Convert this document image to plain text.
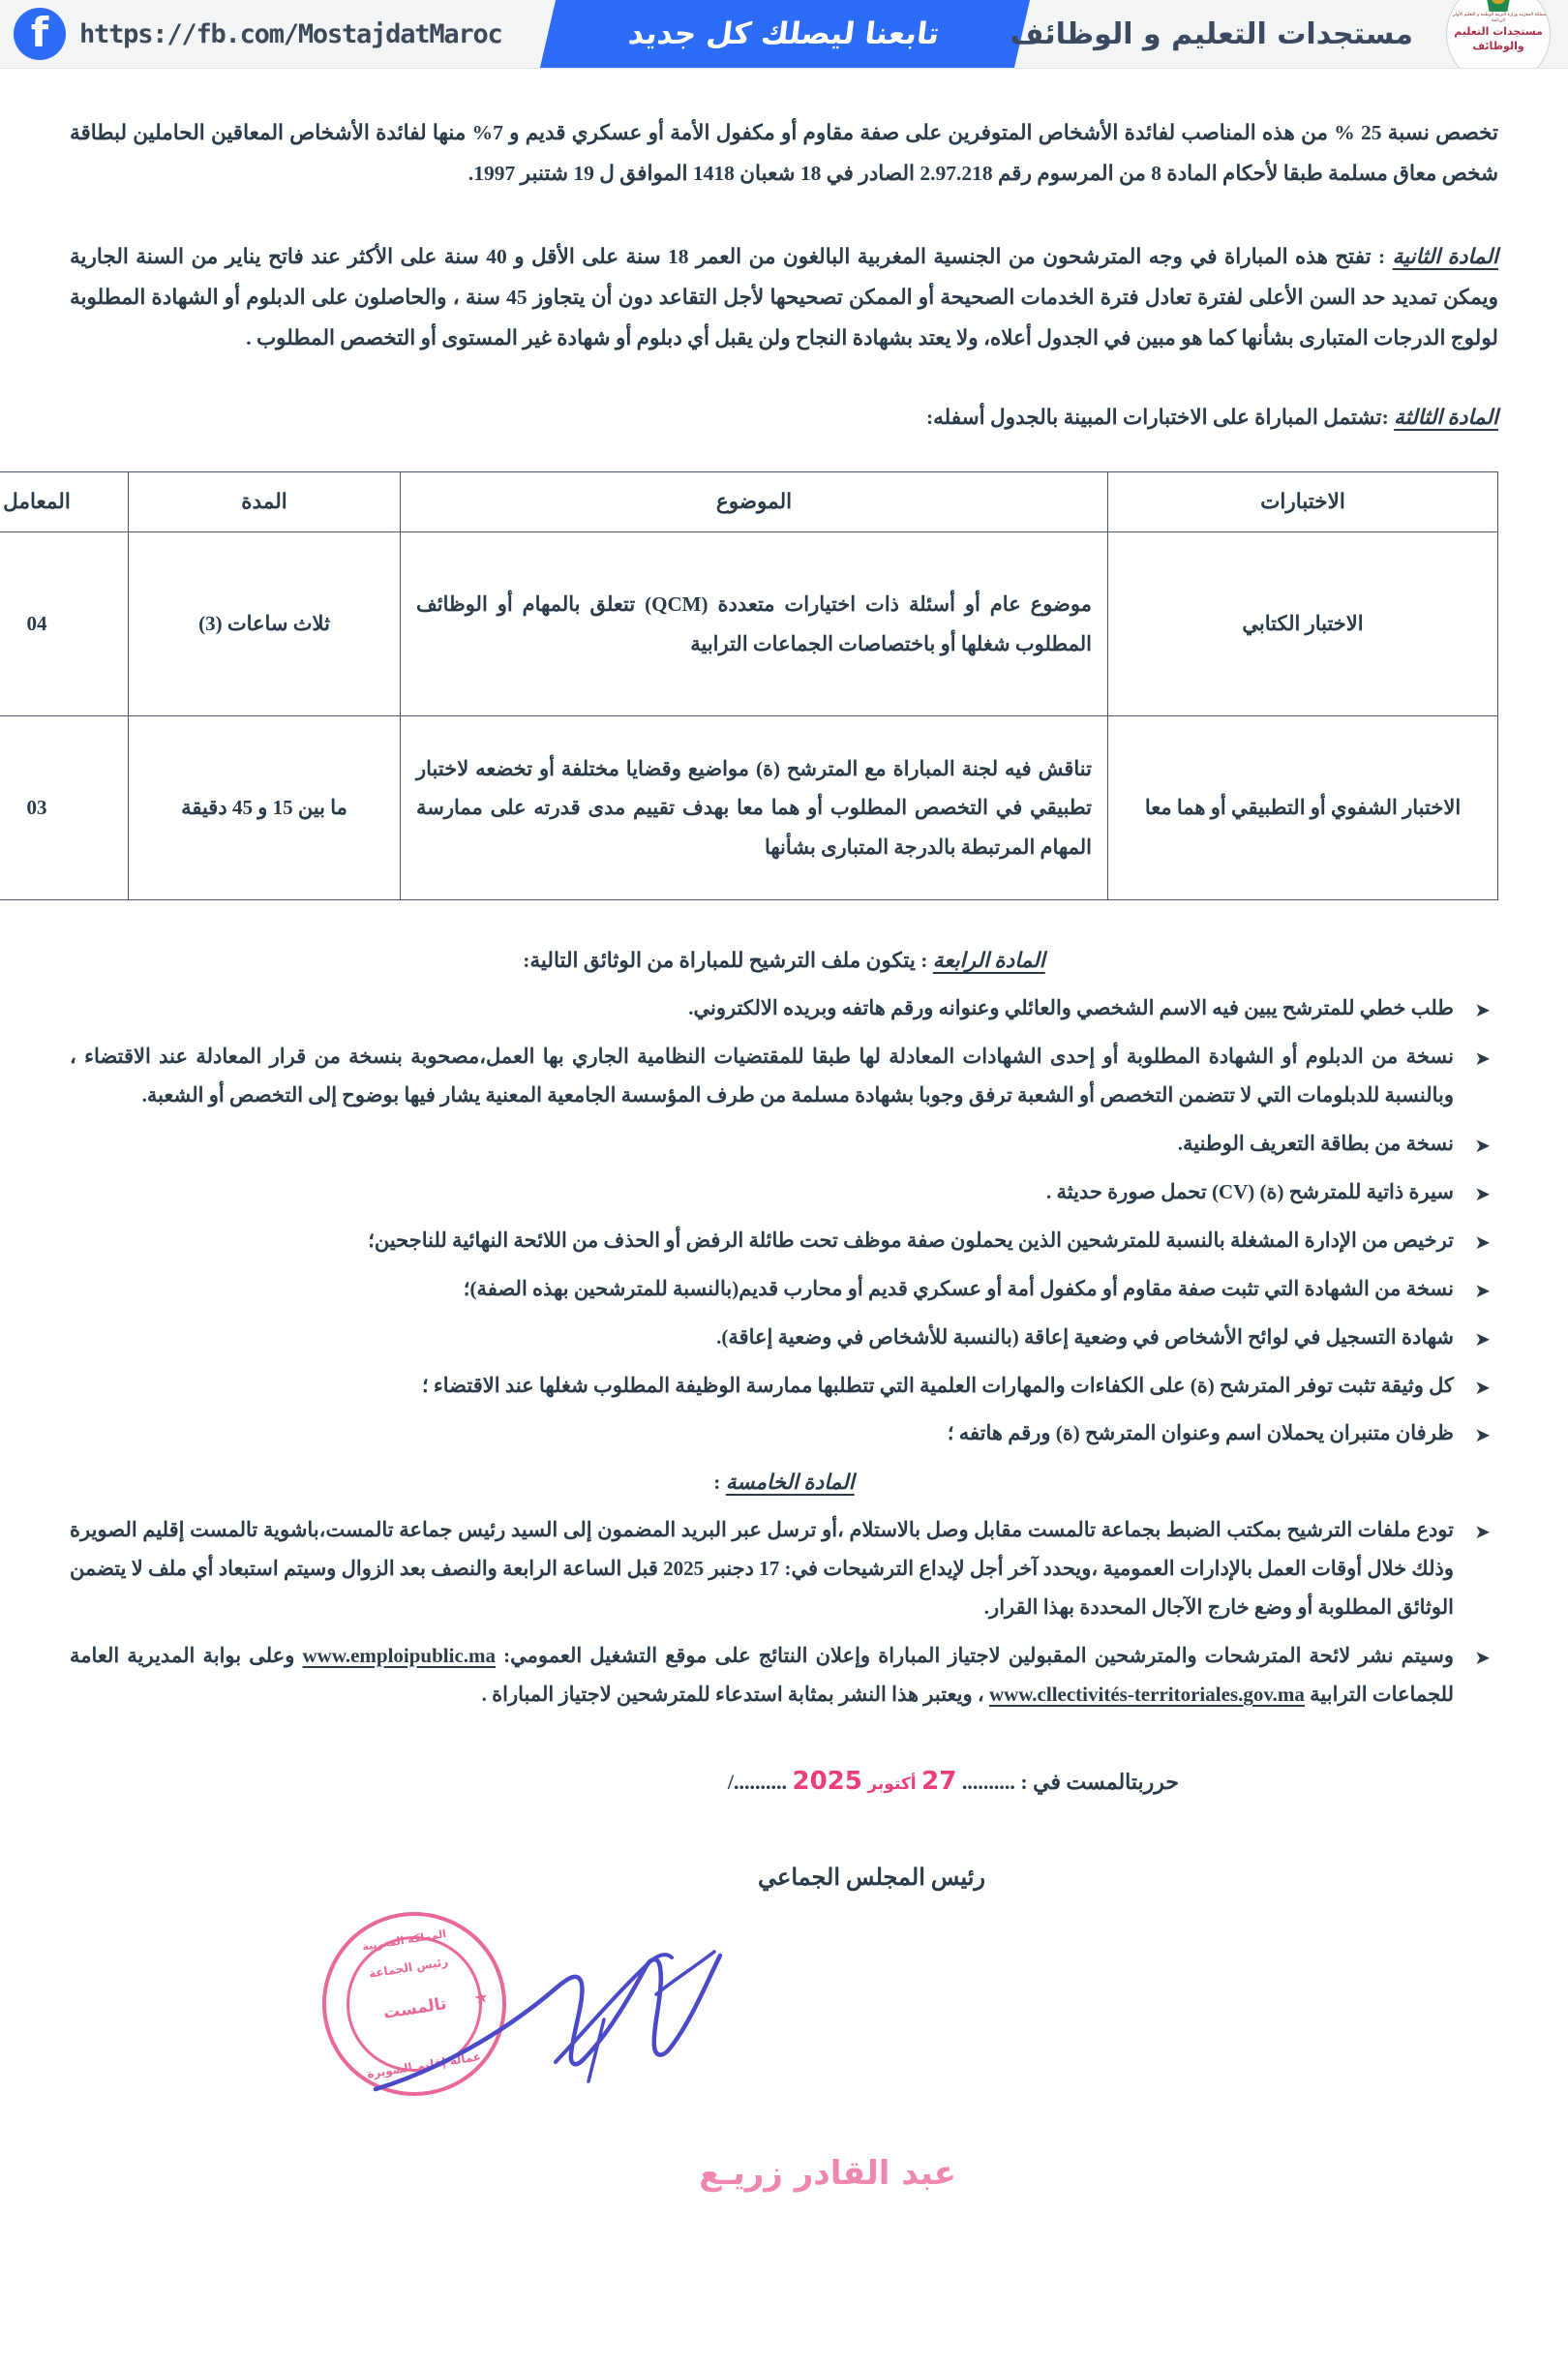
f
https://fb.com/MostajdatMaroc	تابعنا ليصلك كل جديد	مستجدات التعليم و الوظائف
المملكة المغربية وزارة التربية الوطنية و التعليم الأولي و الرياضة
مستجدات التعليم
والوظائف

تخصص نسبة 25 % من هذه المناصب لفائدة الأشخاص المتوفرين على صفة مقاوم أو مكفول الأمة أو عسكري قديم و 7% منها لفائدة الأشخاص المعاقين الحاملين لبطاقة شخص معاق مسلمة طبقا لأحكام المادة 8 من المرسوم رقم 2.97.218 الصادر في 18 شعبان 1418 الموافق ل 19 شتنبر 1997.

المادة الثانية : تفتح هذه المباراة في وجه المترشحون من الجنسية المغربية البالغون من العمر 18 سنة على الأقل و 40 سنة على الأكثر عند فاتح يناير من السنة الجارية ويمكن تمديد حد السن الأعلى لفترة تعادل فترة الخدمات الصحيحة أو الممكن تصحيحها لأجل التقاعد دون أن يتجاوز 45 سنة ، والحاصلون على الدبلوم أو الشهادة المطلوبة لولوج الدرجات المتبارى بشأنها كما هو مبين في الجدول أعلاه، ولا يعتد بشهادة النجاح ولن يقبل أي دبلوم أو شهادة غير المستوى أو التخصص المطلوب .

المادة الثالثة :تشتمل المباراة على الاختبارات المبينة بالجدول أسفله:

الاختبارات	الموضوع	المدة	المعامل
الاختبار الكتابي	موضوع عام أو أسئلة ذات اختيارات متعددة (QCM) تتعلق بالمهام أو الوظائف المطلوب شغلها أو باختصاصات الجماعات الترابية	ثلاث ساعات (3)	04
الاختبار الشفوي أو التطبيقي أو هما معا	تناقش فيه لجنة المباراة مع المترشح (ة) مواضيع وقضايا مختلفة أو تخضعه لاختبار تطبيقي في التخصص المطلوب أو هما معا بهدف تقييم مدى قدرته على ممارسة المهام المرتبطة بالدرجة المتبارى بشأنها	ما بين 15 و 45 دقيقة	03

المادة الرابعة : يتكون ملف الترشيح للمباراة من الوثائق التالية:

➤
طلب خطي للمترشح يبين فيه الاسم الشخصي والعائلي وعنوانه ورقم هاتفه وبريده الالكتروني.
➤
نسخة من الدبلوم أو الشهادة المطلوبة أو إحدى الشهادات المعادلة لها طبقا للمقتضيات النظامية الجاري بها العمل،مصحوبة بنسخة من قرار المعادلة عند الاقتضاء ، وبالنسبة للدبلومات التي لا تتضمن التخصص أو الشعبة ترفق وجوبا بشهادة مسلمة من طرف المؤسسة الجامعية المعنية يشار فيها بوضوح إلى التخصص أو الشعبة.
➤
نسخة من بطاقة التعريف الوطنية.
➤
سيرة ذاتية للمترشح (ة) (CV) تحمل صورة حديثة .
➤
ترخيص من الإدارة المشغلة بالنسبة للمترشحين الذين يحملون صفة موظف تحت طائلة الرفض أو الحذف من اللائحة النهائية للناجحين؛
➤
نسخة من الشهادة التي تثبت صفة مقاوم أو مكفول أمة أو عسكري قديم أو محارب قديم(بالنسبة للمترشحين بهذه الصفة)؛
➤
شهادة التسجيل في لوائح الأشخاص في وضعية إعاقة (بالنسبة للأشخاص في وضعية إعاقة).
➤
كل وثيقة تثبت توفر المترشح (ة) على الكفاءات والمهارات العلمية التي تتطلبها ممارسة الوظيفة المطلوب شغلها عند الاقتضاء ؛
➤
ظرفان متنبران يحملان اسم وعنوان المترشح (ة) ورقم هاتفه ؛

المادة الخامسة :

➤
تودع ملفات الترشيح بمكتب الضبط بجماعة تالمست مقابل وصل بالاستلام ،أو ترسل عبر البريد المضمون إلى السيد رئيس جماعة تالمست،باشوية تالمست إقليم الصويرة وذلك خلال أوقات العمل بالإدارات العمومية ،ويحدد آخر أجل لإيداع الترشيحات في: 17 دجنبر 2025 قبل الساعة الرابعة والنصف بعد الزوال وسيتم استبعاد أي ملف لا يتضمن الوثائق المطلوبة أو وضع خارج الآجال المحددة بهذا القرار.
➤
وسيتم نشر لائحة المترشحات والمترشحين المقبولين لاجتياز المباراة وإعلان النتائج على موقع التشغيل العمومي: www.emploipublic.ma وعلى بوابة المديرية العامة للجماعات الترابية www.cllectivités-territoriales.gov.ma ، ويعتبر هذا النشر بمثابة استدعاء للمترشحين لاجتياز المباراة .
حرربتالمست في : .......... 27 أكتوبر 2025 ........../
رئيس المجلس الجماعي
المملكة المغربية
رئيس الجماعة
تالمست
عمالة إقليم الصويرة
★
عبد القادر زريـع
